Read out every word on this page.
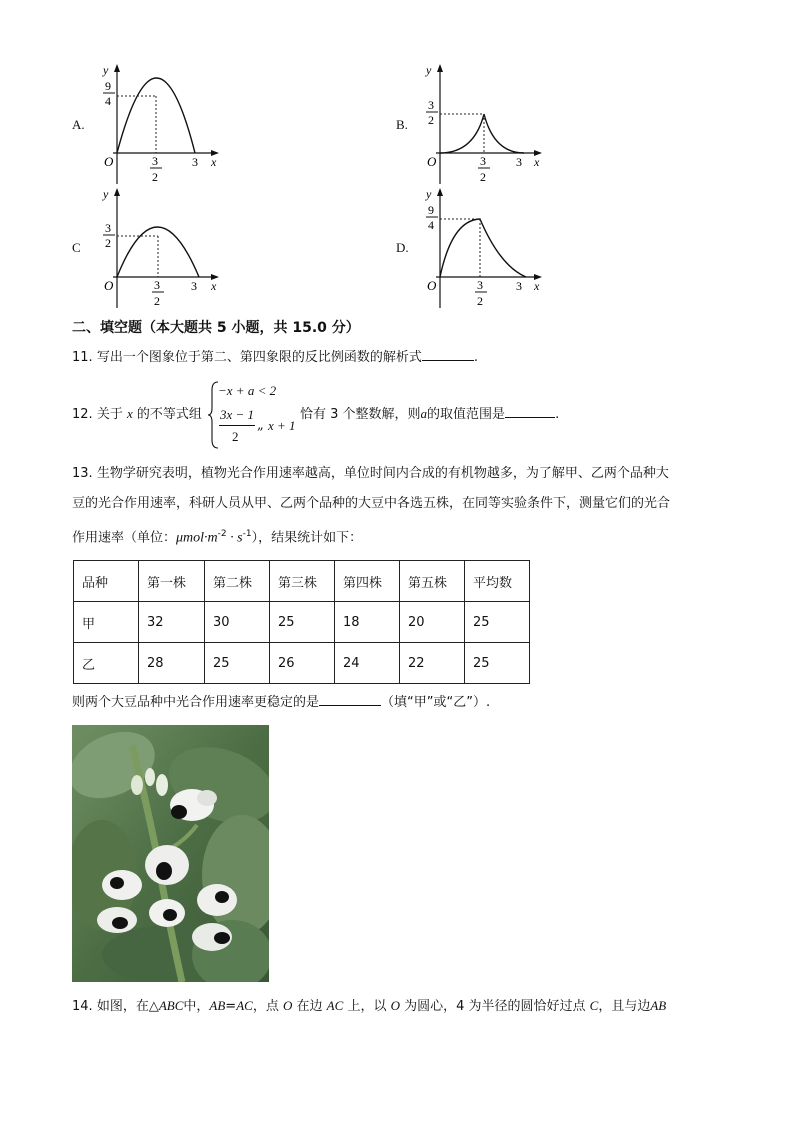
A.
y
O	x
9
4
3
2
3
B.
y
O	x
3
2
3
2
3
C
y
O	x
3
2
3
2
3
D.
y
O	x
9
4
3
2
3
二、填空题（本大题共 5 小题，共 15.0 分）
11. 写出一个图象位于第二、第四象限的反比例函数的解析式	.
12. 关于 x 的不等式组
−x + a < 2
3x − 1
2
„ x + 1
恰有 3 个整数解，则a的取值范围是	.
13. 生物学研究表明，植物光合作用速率越高，单位时间内合成的有机物越多，为了解甲、乙两个品种大
豆的光合作用速率，科研人员从甲、乙两个品种的大豆中各选五株，在同等实验条件下，测量它们的光合
作用速率（单位：$\mu mol\cdot m^{-2} \cdot s^{-1}$），结果统计如下：
品种	第一株	第二株	第三株	第四株	第五株	平均数
甲	32	30	25	18	20	25
乙	28	25	26	24	22	25
则两个大豆品种中光合作用速率更稳定的是	（填“甲”或“乙”）.
14. 如图，在△ABC中，AB=AC，点 O 在边 AC 上，以 O 为圆心，4 为半径的圆恰好过点 C，且与边AB
